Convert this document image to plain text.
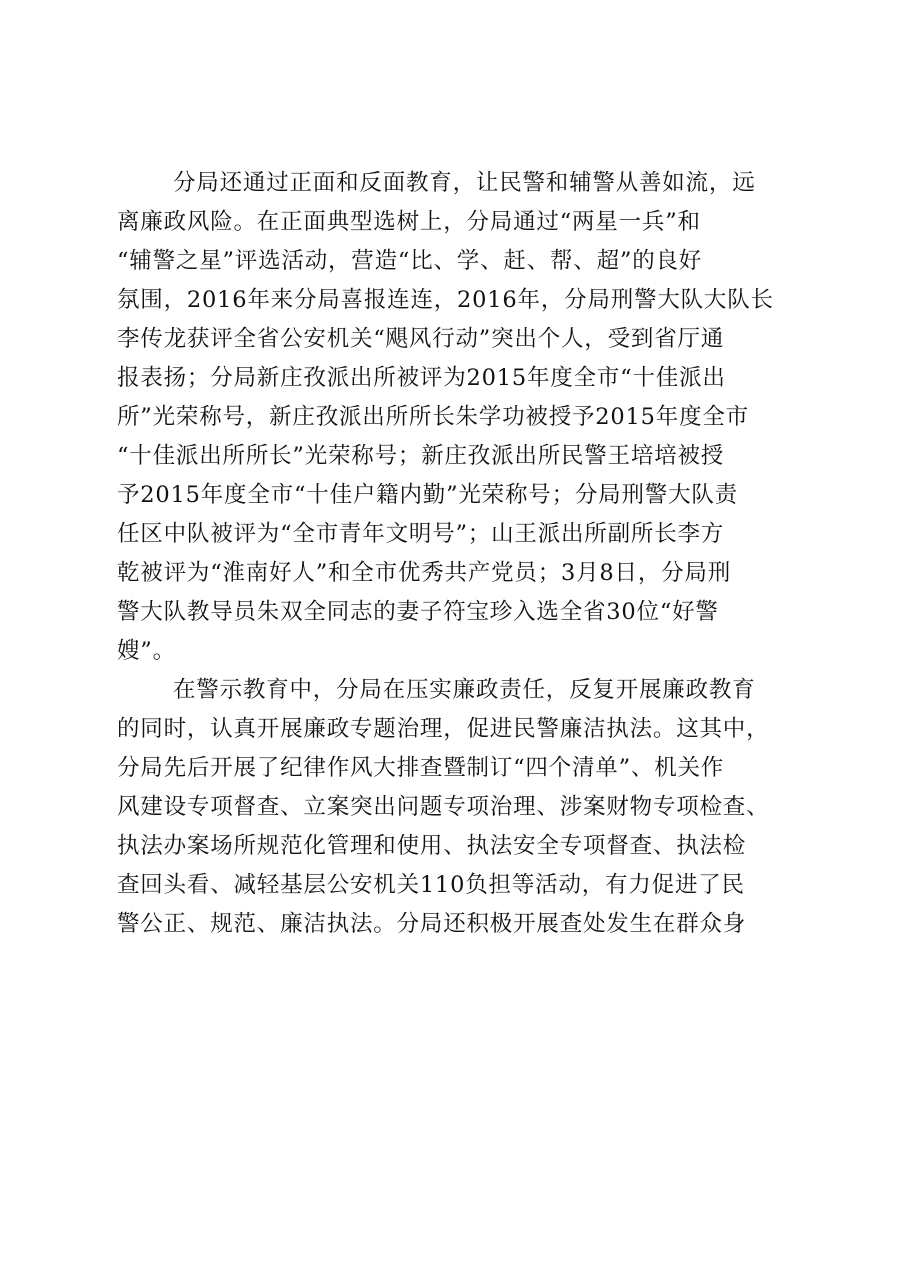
分局还通过正面和反面教育，让民警和辅警从善如流，远
离廉政风险。在正面典型选树上，分局通过“两星一兵”和
“辅警之星”评选活动，营造“比、学、赶、帮、超”的良好
氛围，2016年来分局喜报连连，2016年，分局刑警大队大队长
李传龙获评全省公安机关“飓风行动”突出个人，受到省厅通
报表扬；分局新庄孜派出所被评为2015年度全市“十佳派出
所”光荣称号，新庄孜派出所所长朱学功被授予2015年度全市
“十佳派出所所长”光荣称号；新庄孜派出所民警王培培被授
予2015年度全市“十佳户籍内勤”光荣称号；分局刑警大队责
任区中队被评为“全市青年文明号”；山王派出所副所长李方
乾被评为“淮南好人”和全市优秀共产党员；3月8日，分局刑
警大队教导员朱双全同志的妻子符宝珍入选全省30位“好警
嫂”。
在警示教育中，分局在压实廉政责任，反复开展廉政教育
的同时，认真开展廉政专题治理，促进民警廉洁执法。这其中，
分局先后开展了纪律作风大排查暨制订“四个清单”、机关作
风建设专项督查、立案突出问题专项治理、涉案财物专项检查、
执法办案场所规范化管理和使用、执法安全专项督查、执法检
查回头看、减轻基层公安机关110负担等活动，有力促进了民
警公正、规范、廉洁执法。分局还积极开展查处发生在群众身
